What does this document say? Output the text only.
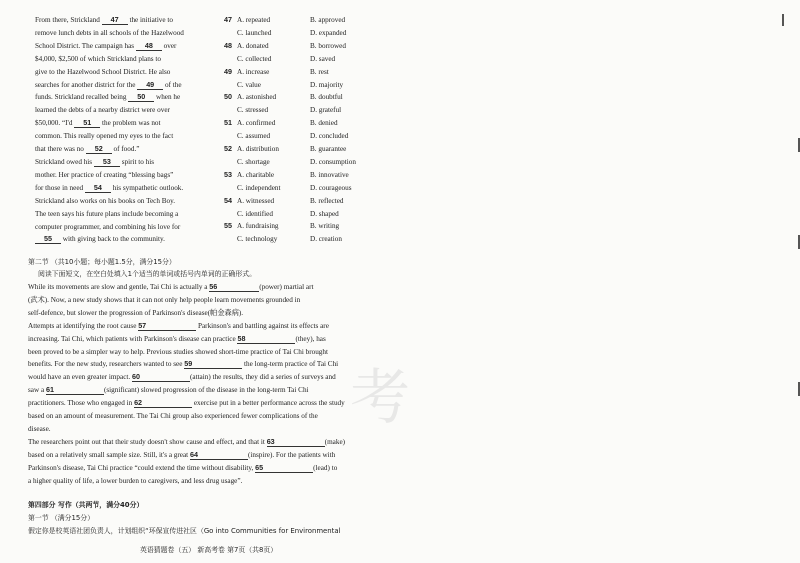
考
From there, Strickland 47 the initiative to
remove lunch debts in all schools of the Hazelwood
School District. The campaign has 48 over
$4,000, $2,500 of which Strickland plans to
give to the Hazelwood School District. He also
searches for another district for the 49 of the
funds. Strickland recalled being 50 when he
learned the debts of a nearby district were over
$50,000. “I'd 51 the problem was not
common. This really opened my eyes to the fact
that there was no 52 of food.”
Strickland owed his 53 spirit to his
mother. Her practice of creating “blessing bags”
for those in need 54 his sympathetic outlook.
Strickland also works on his books on Tech Boy.
The teen says his future plans include becoming a
computer programmer, and combining his love for
55 with giving back to the community.
47 A. repeated	B. approved
C. launched	D. expanded
48 A. donated	B. borrowed
C. collected	D. saved
49 A. increase	B. rest
C. value	D. majority
50 A. astonished	B. doubtful
C. stressed	D. grateful
51 A. confirmed	B. denied
C. assumed	D. concluded
52 A. distribution	B. guarantee
C. shortage	D. consumption
53 A. charitable	B. innovative
C. independent	D. courageous
54 A. witnessed	B. reflected
C. identified	D. shaped
55 A. fundraising	B. writing
C. technology	D. creation
第二节 （共10小题；每小题1.5分，满分15分）
阅读下面短文，在空白处填入1个适当的单词或括号内单词的正确形式。
While its movements are slow and gentle, Tai Chi is actually a 56	(power) martial art
(武术). Now, a new study shows that it can not only help people learn movements grounded in
self-defence, but slower the progression of Parkinson's disease(帕金森病).
Attempts at identifying the root cause 57	Parkinson's and battling against its effects are
increasing. Tai Chi, which patients with Parkinson's disease can practice 58	(they), has
been proved to be a simpler way to help. Previous studies showed short-time practice of Tai Chi brought
benefits. For the new study, researchers wanted to see 59	the long-term practice of Tai Chi
would have an even greater impact. 60	(attain) the results, they did a series of surveys and
saw a 61	(significant) slowed progression of the disease in the long-term Tai Chi
practitioners. Those who engaged in 62	exercise put in a better performance across the study
based on an amount of measurement. The Tai Chi group also experienced fewer complications of the
disease.
The researchers point out that their study doesn't show cause and effect, and that it 63	(make)
based on a relatively small sample size. Still, it's a great 64	(inspire). For the patients with
Parkinson's disease, Tai Chi practice “could extend the time without disability, 65	(lead) to
a higher quality of life, a lower burden to caregivers, and less drug usage”.
第四部分 写作（共两节，满分40分）
第一节 （满分15分）
假定你是校英语社团负责人，计划组织“环保宣传进社区（Go into Communities for Environmental
英语猜题卷（五） 新高考卷 第7页（共8页）
